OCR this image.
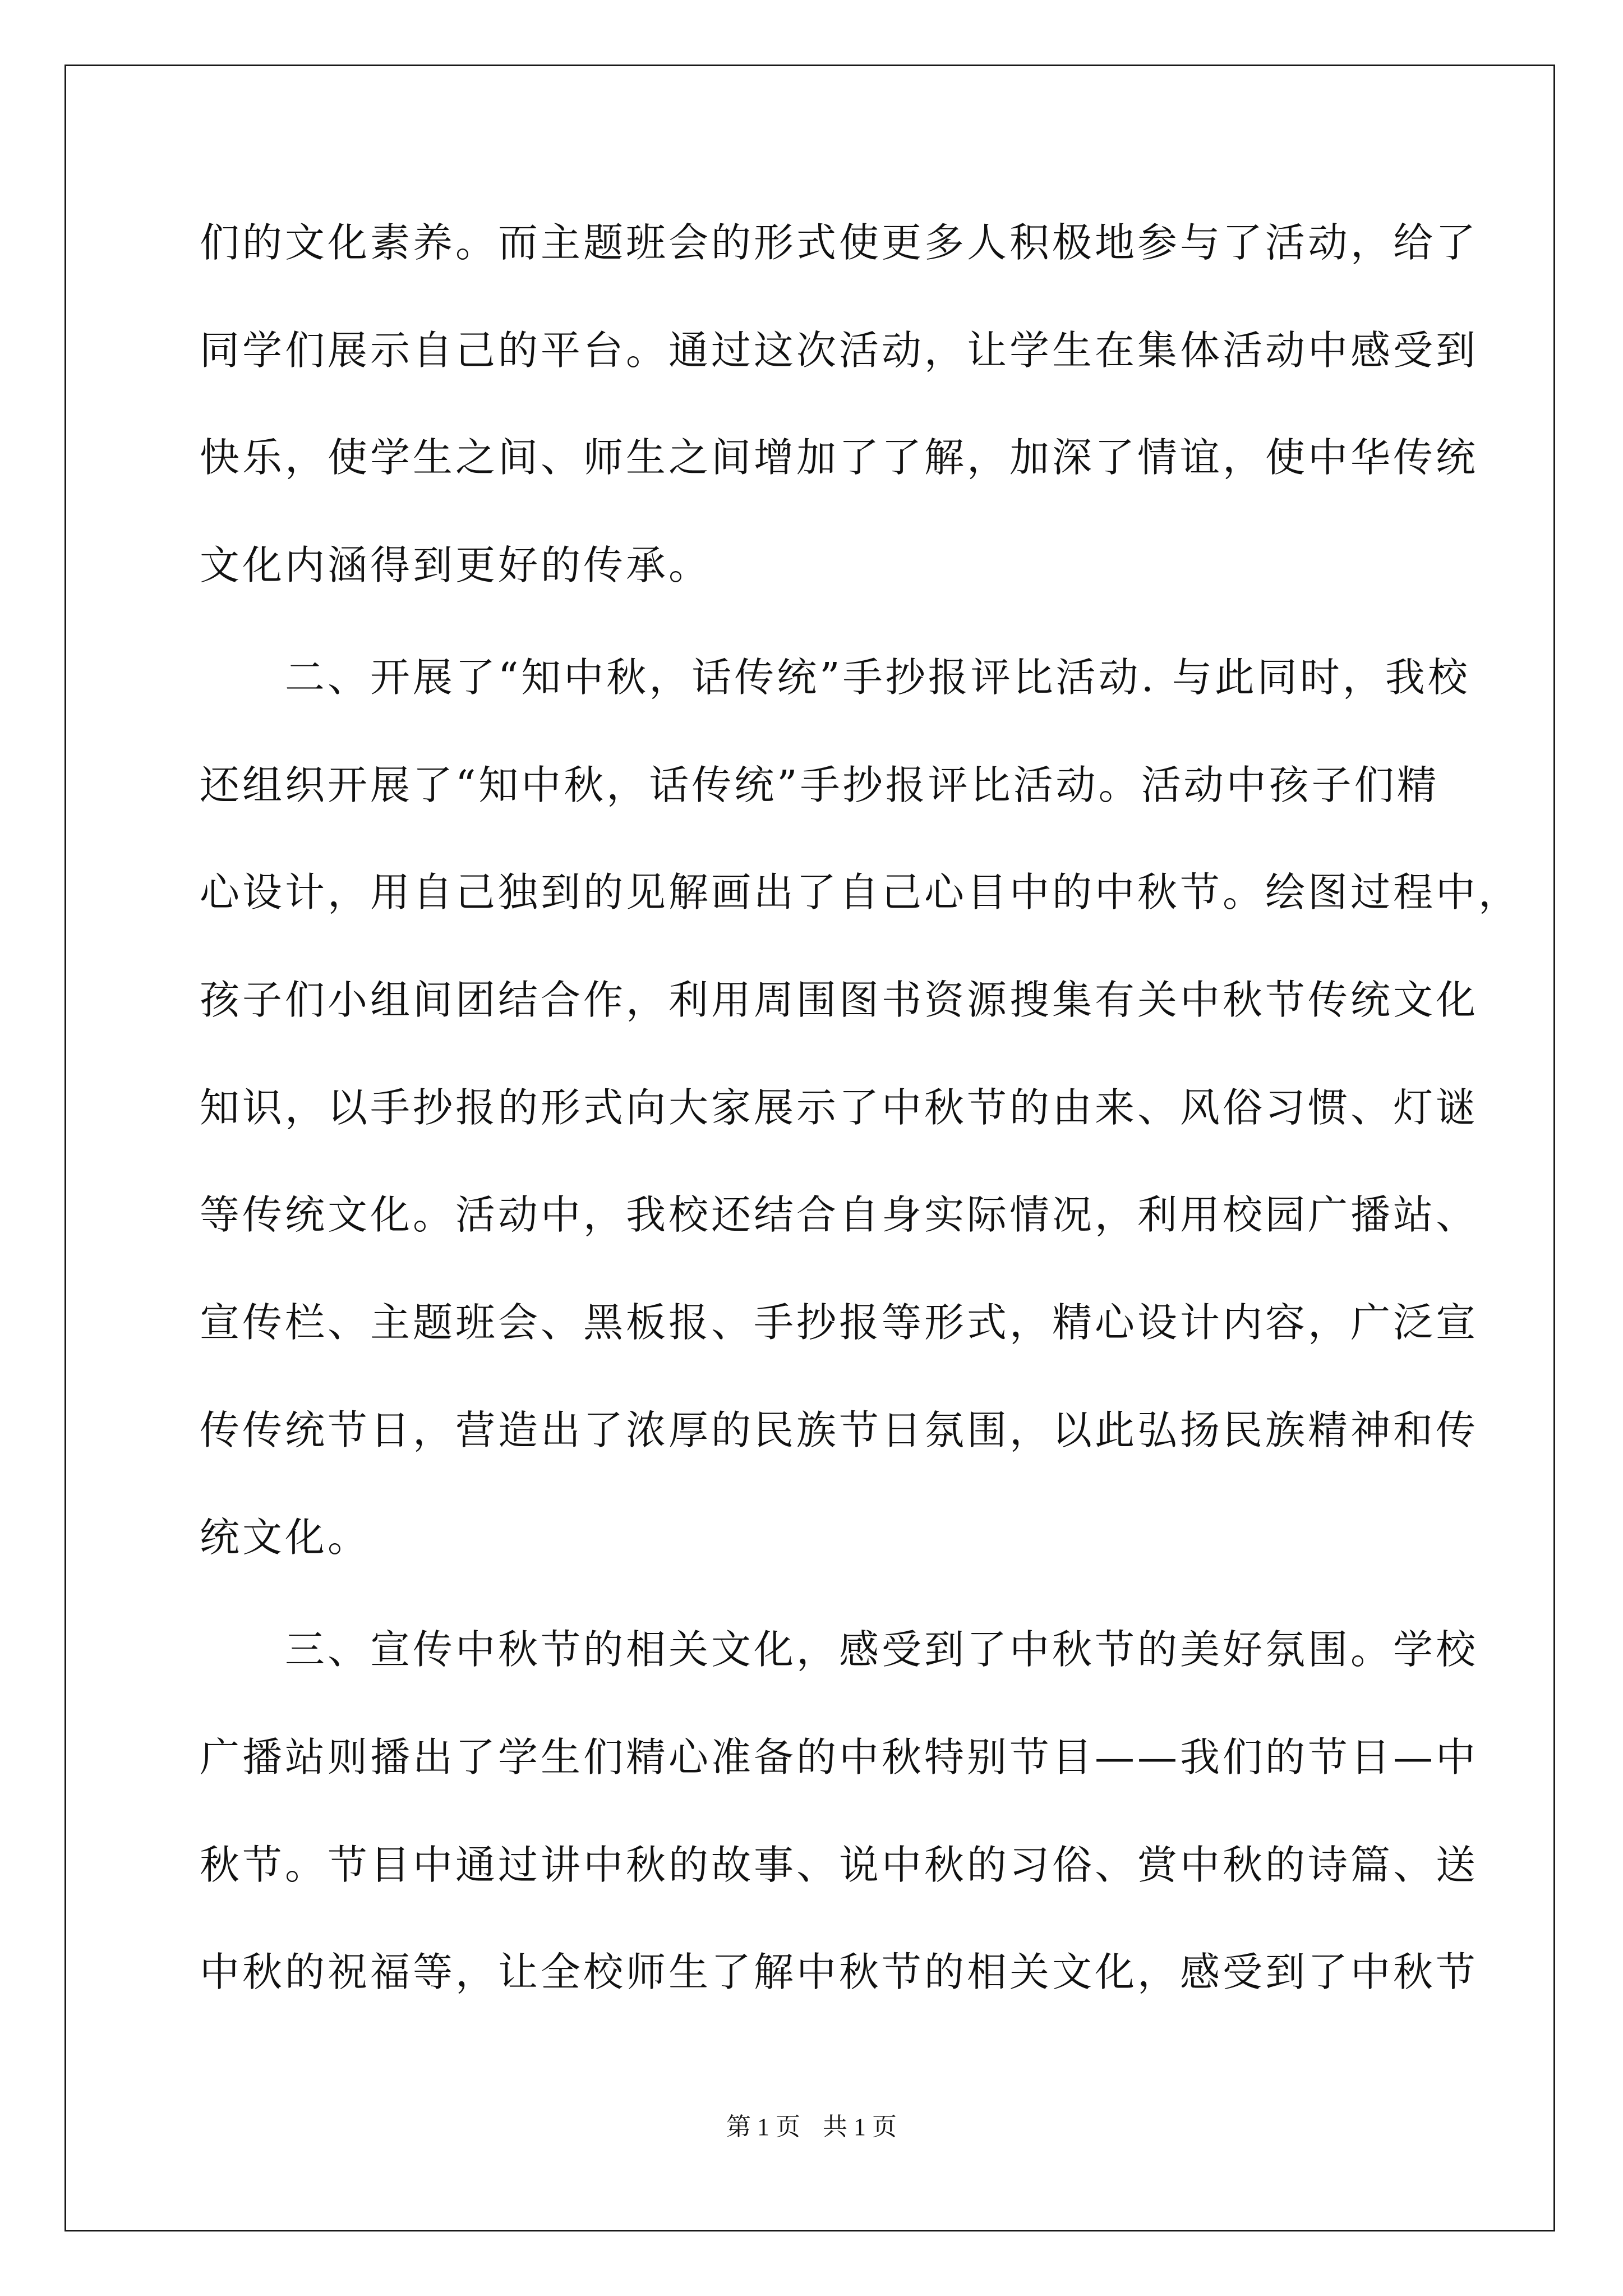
们的文化素养。而主题班会的形式使更多人积极地参与了活动，给了
同学们展示自己的平台。通过这次活动，让学生在集体活动中感受到
快乐，使学生之间、师生之间增加了了解，加深了情谊，使中华传统
文化内涵得到更好的传承。
　　二、开展了“知中秋，话传统”手抄报评比活动. 与此同时，我校
还组织开展了“知中秋，话传统”手抄报评比活动。活动中孩子们精
心设计，用自己独到的见解画出了自己心目中的中秋节。绘图过程中，
孩子们小组间团结合作，利用周围图书资源搜集有关中秋节传统文化
知识，以手抄报的形式向大家展示了中秋节的由来、风俗习惯、灯谜
等传统文化。活动中，我校还结合自身实际情况，利用校园广播站、
宣传栏、主题班会、黑板报、手抄报等形式，精心设计内容，广泛宣
传传统节日，营造出了浓厚的民族节日氛围，以此弘扬民族精神和传
统文化。
　　三、宣传中秋节的相关文化，感受到了中秋节的美好氛围。学校
广播站则播出了学生们精心准备的中秋特别节目——我们的节日—中
秋节。节目中通过讲中秋的故事、说中秋的习俗、赏中秋的诗篇、送
中秋的祝福等，让全校师生了解中秋节的相关文化，感受到了中秋节
第 1 页 共 1 页
